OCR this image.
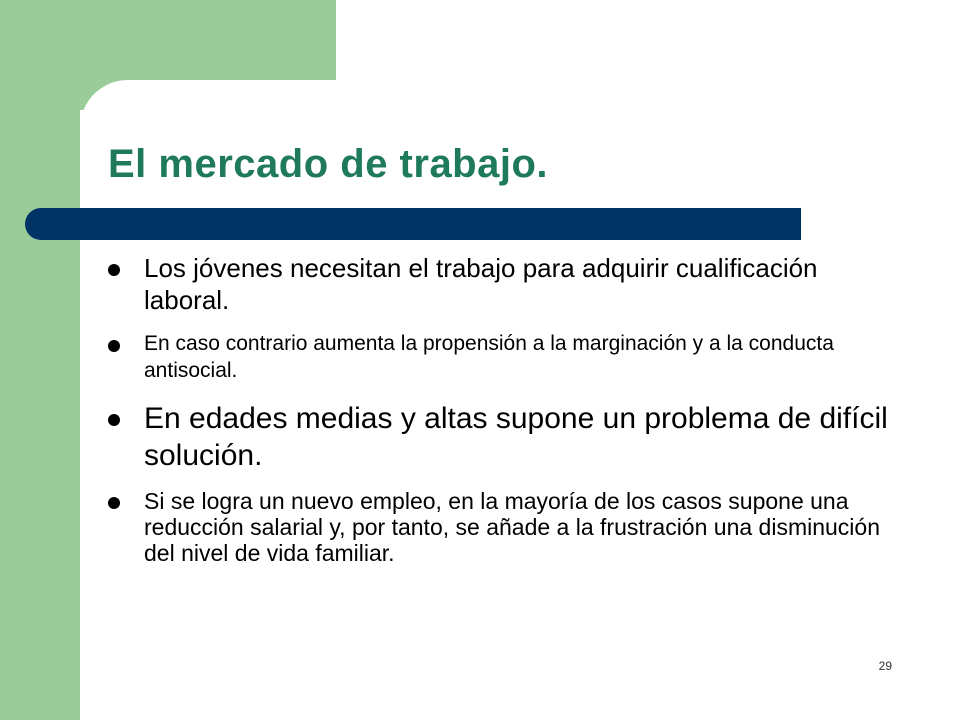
El mercado de trabajo.
Los jóvenes necesitan el trabajo para adquirir cualificación laboral.
En caso contrario aumenta la propensión a la marginación y a la conducta antisocial.
En edades medias y altas supone un problema de difícil solución.
Si se logra un nuevo empleo, en la mayoría de los casos supone una reducción salarial y, por tanto, se añade a la frustración una disminución del nivel de vida familiar.
29
